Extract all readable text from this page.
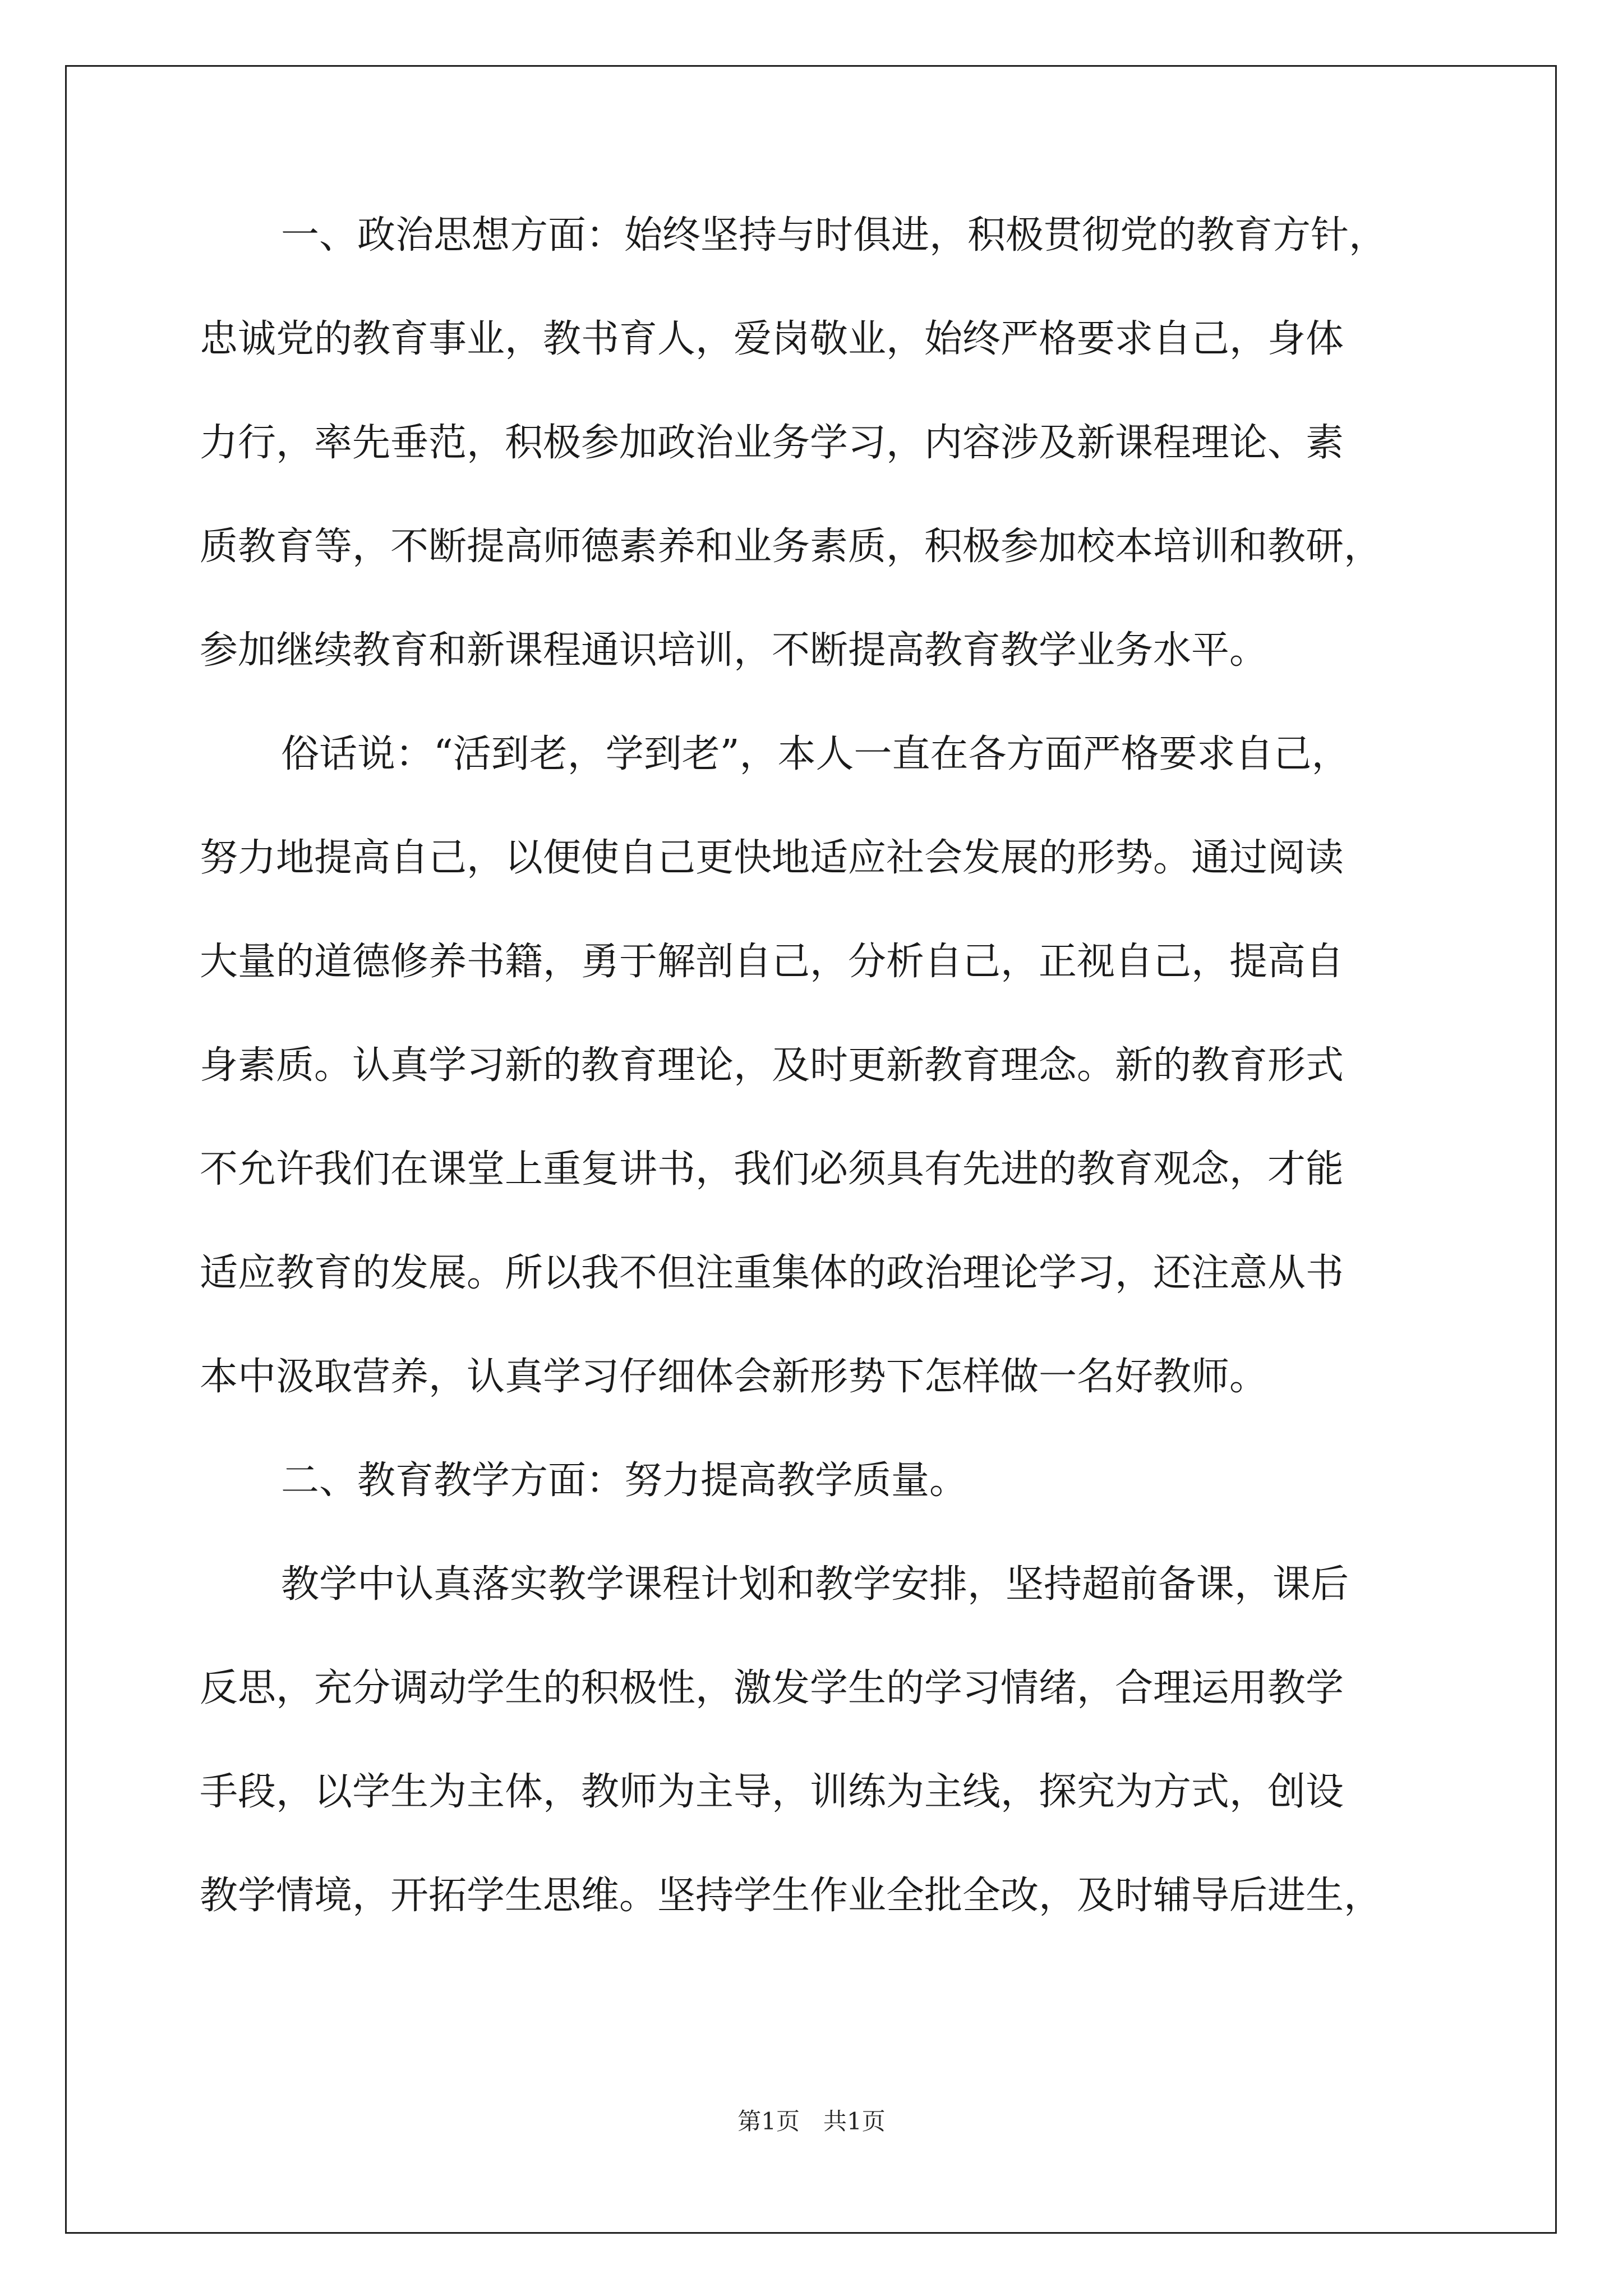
一、政治思想方面：始终坚持与时俱进，积极贯彻党的教育方针，
忠诚党的教育事业，教书育人，爱岗敬业，始终严格要求自己，身体
力行，率先垂范，积极参加政治业务学习，内容涉及新课程理论、素
质教育等，不断提高师德素养和业务素质，积极参加校本培训和教研，
参加继续教育和新课程通识培训，不断提高教育教学业务水平。
俗话说：“活到老，学到老”，本人一直在各方面严格要求自己，
努力地提高自己，以便使自己更快地适应社会发展的形势。通过阅读
大量的道德修养书籍，勇于解剖自己，分析自己，正视自己，提高自
身素质。认真学习新的教育理论，及时更新教育理念。新的教育形式
不允许我们在课堂上重复讲书，我们必须具有先进的教育观念，才能
适应教育的发展。所以我不但注重集体的政治理论学习，还注意从书
本中汲取营养，认真学习仔细体会新形势下怎样做一名好教师。
二、教育教学方面：努力提高教学质量。
教学中认真落实教学课程计划和教学安排，坚持超前备课，课后
反思，充分调动学生的积极性，激发学生的学习情绪，合理运用教学
手段，以学生为主体，教师为主导，训练为主线，探究为方式，创设
教学情境，开拓学生思维。坚持学生作业全批全改，及时辅导后进生，
第1页　共1页
